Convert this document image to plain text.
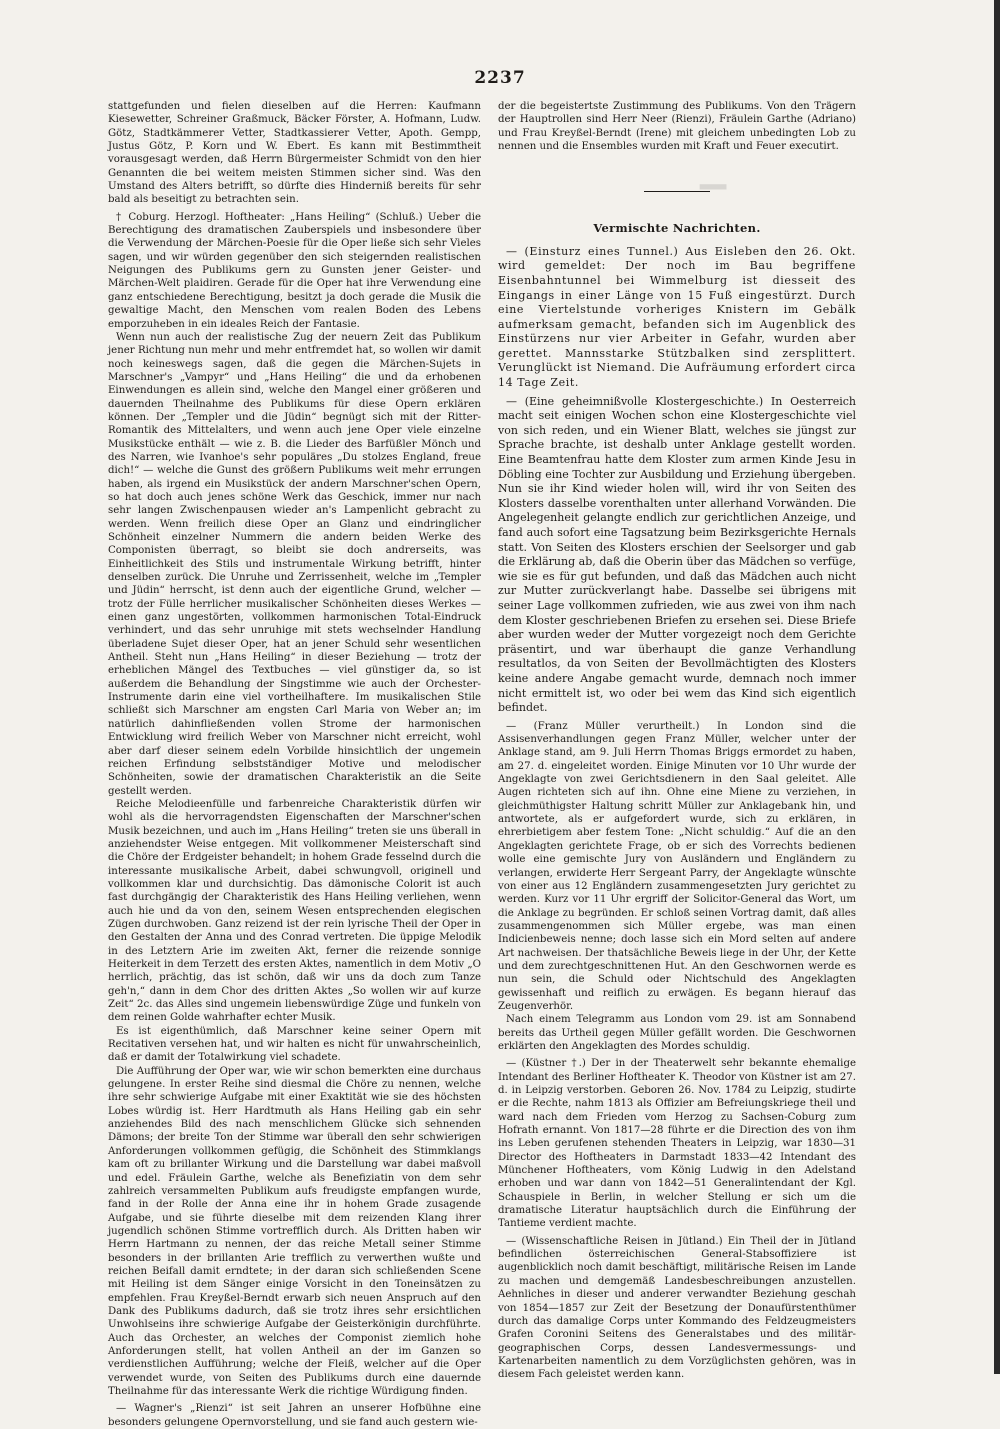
▁
2237

stattgefunden und fielen dieselben auf die Herren: Kaufmann Kiesewetter, Schreiner Graßmuck, Bäcker Förster, A. Hofmann, Ludw. Götz, Stadtkämmerer Vetter, Stadtkassierer Vetter, Apoth. Gempp, Justus Götz, P. Korn und W. Ebert. Es kann mit Bestimmtheit vorausgesagt werden, daß Herrn Bürgermeister Schmidt von den hier Genannten die bei weitem meisten Stimmen sicher sind. Was den Umstand des Alters betrifft, so dürfte dies Hinderniß bereits für sehr bald als beseitigt zu betrachten sein.

† Coburg. Herzogl. Hoftheater: „Hans Heiling“ (Schluß.) Ueber die Berechtigung des dramatischen Zauberspiels und insbesondere über die Verwendung der Märchen-Poesie für die Oper ließe sich sehr Vieles sagen, und wir würden gegenüber den sich steigernden realistischen Neigungen des Publikums gern zu Gunsten jener Geister- und Märchen-Welt plaidiren. Gerade für die Oper hat ihre Verwendung eine ganz entschiedene Berechtigung, besitzt ja doch gerade die Musik die gewaltige Macht, den Menschen vom realen Boden des Lebens emporzuheben in ein ideales Reich der Fantasie.

Wenn nun auch der realistische Zug der neuern Zeit das Publikum jener Richtung nun mehr und mehr entfremdet hat, so wollen wir damit noch keineswegs sagen, daß die gegen die Märchen-Sujets in Marschner's „Vampyr“ und „Hans Heiling“ die und da erhobenen Einwendungen es allein sind, welche den Mangel einer größeren und dauernden Theilnahme des Publikums für diese Opern erklären können. Der „Templer und die Jüdin“ begnügt sich mit der Ritter-Romantik des Mittelalters, und wenn auch jene Oper viele einzelne Musikstücke enthält — wie z. B. die Lieder des Barfüßler Mönch und des Narren, wie Ivanhoe's sehr populäres „Du stolzes England, freue dich!“ — welche die Gunst des größern Publikums weit mehr errungen haben, als irgend ein Musikstück der andern Marschner'schen Opern, so hat doch auch jenes schöne Werk das Geschick, immer nur nach sehr langen Zwischenpausen wieder an's Lampenlicht gebracht zu werden. Wenn freilich diese Oper an Glanz und eindringlicher Schönheit einzelner Nummern die andern beiden Werke des Componisten überragt, so bleibt sie doch andrerseits, was Einheitlichkeit des Stils und instrumentale Wirkung betrifft, hinter denselben zurück. Die Unruhe und Zerrissenheit, welche im „Templer und Jüdin“ herrscht, ist denn auch der eigentliche Grund, welcher — trotz der Fülle herrlicher musikalischer Schönheiten dieses Werkes — einen ganz ungestörten, vollkommen harmonischen Total-Eindruck verhindert, und das sehr unruhige mit stets wechselnder Handlung überladene Sujet dieser Oper, hat an jener Schuld sehr wesentlichen Antheil. Steht nun „Hans Heiling“ in dieser Beziehung — trotz der erheblichen Mängel des Textbuches — viel günstiger da, so ist außerdem die Behandlung der Singstimme wie auch der Orchester-Instrumente darin eine viel vortheilhaftere. Im musikalischen Stile schließt sich Marschner am engsten Carl Maria von Weber an; im natürlich dahinfließenden vollen Strome der harmonischen Entwicklung wird freilich Weber von Marschner nicht erreicht, wohl aber darf dieser seinem edeln Vorbilde hinsichtlich der ungemein reichen Erfindung selbstständiger Motive und melodischer Schönheiten, sowie der dramatischen Charakteristik an die Seite gestellt werden.

Reiche Melodieenfülle und farbenreiche Charakteristik dürfen wir wohl als die hervorragendsten Eigenschaften der Marschner'schen Musik bezeichnen, und auch im „Hans Heiling“ treten sie uns überall in anziehendster Weise entgegen. Mit vollkommener Meisterschaft sind die Chöre der Erdgeister behandelt; in hohem Grade fesselnd durch die interessante musikalische Arbeit, dabei schwungvoll, originell und vollkommen klar und durchsichtig. Das dämonische Colorit ist auch fast durchgängig der Charakteristik des Hans Heiling verliehen, wenn auch hie und da von den, seinem Wesen entsprechenden elegischen Zügen durchwoben. Ganz reizend ist der rein lyrische Theil der Oper in den Gestalten der Anna und des Conrad vertreten. Die üppige Melodik in des Letztern Arie im zweiten Akt, ferner die reizende sonnige Heiterkeit in dem Terzett des ersten Aktes, namentlich in dem Motiv „O herrlich, prächtig, das ist schön, daß wir uns da doch zum Tanze geh'n,“ dann in dem Chor des dritten Aktes „So wollen wir auf kurze Zeit“ 2c. das Alles sind ungemein liebenswürdige Züge und funkeln von dem reinen Golde wahrhafter echter Musik.

Es ist eigenthümlich, daß Marschner keine seiner Opern mit Recitativen versehen hat, und wir halten es nicht für unwahrscheinlich, daß er damit der Totalwirkung viel schadete.

Die Aufführung der Oper war, wie wir schon bemerkten eine durchaus gelungene. In erster Reihe sind diesmal die Chöre zu nennen, welche ihre sehr schwierige Aufgabe mit einer Exaktität wie sie des höchsten Lobes würdig ist. Herr Hardtmuth als Hans Heiling gab ein sehr anziehendes Bild des nach menschlichem Glücke sich sehnenden Dämons; der breite Ton der Stimme war überall den sehr schwierigen Anforderungen vollkommen gefügig, die Schönheit des Stimmklangs kam oft zu brillanter Wirkung und die Darstellung war dabei maßvoll und edel. Fräulein Garthe, welche als Benefiziatin von dem sehr zahlreich versammelten Publikum aufs freudigste empfangen wurde, fand in der Rolle der Anna eine ihr in hohem Grade zusagende Aufgabe, und sie führte dieselbe mit dem reizenden Klang ihrer jugendlich schönen Stimme vortrefflich durch. Als Dritten haben wir Herrn Hartmann zu nennen, der das reiche Metall seiner Stimme besonders in der brillanten Arie trefflich zu verwerthen wußte und reichen Beifall damit erndtete; in der daran sich schließenden Scene mit Heiling ist dem Sänger einige Vorsicht in den Toneinsätzen zu empfehlen. Frau Kreyßel-Berndt erwarb sich neuen Anspruch auf den Dank des Publikums dadurch, daß sie trotz ihres sehr ersichtlichen Unwohlseins ihre schwierige Aufgabe der Geisterkönigin durchführte. Auch das Orchester, an welches der Componist ziemlich hohe Anforderungen stellt, hat vollen Antheil an der im Ganzen so verdienstlichen Aufführung; welche der Fleiß, welcher auf die Oper verwendet wurde, von Seiten des Publikums durch eine dauernde Theilnahme für das interessante Werk die richtige Würdigung finden.

— Wagner's „Rienzi“ ist seit Jahren an unserer Hofbühne eine besonders gelungene Opernvorstellung, und sie fand auch gestern wie-

der die begeistertste Zustimmung des Publikums. Von den Trägern der Hauptrollen sind Herr Neer (Rienzi), Fräulein Garthe (Adriano) und Frau Kreyßel-Berndt (Irene) mit gleichem unbedingten Lob zu nennen und die Ensembles wurden mit Kraft und Feuer executirt.

Vermischte Nachrichten.

— (Einsturz eines Tunnel.) Aus Eisleben den 26. Okt. wird gemeldet: Der noch im Bau begriffene Eisenbahntunnel bei Wimmelburg ist diesseit des Eingangs in einer Länge von 15 Fuß eingestürzt. Durch eine Viertelstunde vorheriges Knistern im Gebälk aufmerksam gemacht, befanden sich im Augenblick des Einstürzens nur vier Arbeiter in Gefahr, wurden aber gerettet. Mannsstarke Stützbalken sind zersplittert. Verunglückt ist Niemand. Die Aufräumung erfordert circa 14 Tage Zeit.

— (Eine geheimnißvolle Klostergeschichte.) In Oesterreich macht seit einigen Wochen schon eine Klostergeschichte viel von sich reden, und ein Wiener Blatt, welches sie jüngst zur Sprache brachte, ist deshalb unter Anklage gestellt worden. Eine Beamtenfrau hatte dem Kloster zum armen Kinde Jesu in Döbling eine Tochter zur Ausbildung und Erziehung übergeben. Nun sie ihr Kind wieder holen will, wird ihr von Seiten des Klosters dasselbe vorenthalten unter allerhand Vorwänden. Die Angelegenheit gelangte endlich zur gerichtlichen Anzeige, und fand auch sofort eine Tagsatzung beim Bezirksgerichte Hernals statt. Von Seiten des Klosters erschien der Seelsorger und gab die Erklärung ab, daß die Oberin über das Mädchen so verfüge, wie sie es für gut befunden, und daß das Mädchen auch nicht zur Mutter zurückverlangt habe. Dasselbe sei übrigens mit seiner Lage vollkommen zufrieden, wie aus zwei von ihm nach dem Kloster geschriebenen Briefen zu ersehen sei. Diese Briefe aber wurden weder der Mutter vorgezeigt noch dem Gerichte präsentirt, und war überhaupt die ganze Verhandlung resultatlos, da von Seiten der Bevollmächtigten des Klosters keine andere Angabe gemacht wurde, demnach noch immer nicht ermittelt ist, wo oder bei wem das Kind sich eigentlich befindet.

— (Franz Müller verurtheilt.) In London sind die Assisenverhandlungen gegen Franz Müller, welcher unter der Anklage stand, am 9. Juli Herrn Thomas Briggs ermordet zu haben, am 27. d. eingeleitet worden. Einige Minuten vor 10 Uhr wurde der Angeklagte von zwei Gerichtsdienern in den Saal geleitet. Alle Augen richteten sich auf ihn. Ohne eine Miene zu verziehen, in gleichmüthigster Haltung schritt Müller zur Anklagebank hin, und antwortete, als er aufgefordert wurde, sich zu erklären, in ehrerbietigem aber festem Tone: „Nicht schuldig.“ Auf die an den Angeklagten gerichtete Frage, ob er sich des Vorrechts bedienen wolle eine gemischte Jury von Ausländern und Engländern zu verlangen, erwiderte Herr Sergeant Parry, der Angeklagte wünschte von einer aus 12 Engländern zusammengesetzten Jury gerichtet zu werden. Kurz vor 11 Uhr ergriff der Solicitor-General das Wort, um die Anklage zu begründen. Er schloß seinen Vortrag damit, daß alles zusammengenommen sich Müller ergebe, was man einen Indicienbeweis nenne; doch lasse sich ein Mord selten auf andere Art nachweisen. Der thatsächliche Beweis liege in der Uhr, der Kette und dem zurechtgeschnittenen Hut. An den Geschwornen werde es nun sein, die Schuld oder Nichtschuld des Angeklagten gewissenhaft und reiflich zu erwägen. Es begann hierauf das Zeugenverhör.

Nach einem Telegramm aus London vom 29. ist am Sonnabend bereits das Urtheil gegen Müller gefällt worden. Die Geschwornen erklärten den Angeklagten des Mordes schuldig.

— (Küstner †.) Der in der Theaterwelt sehr bekannte ehemalige Intendant des Berliner Hoftheater K. Theodor von Küstner ist am 27. d. in Leipzig verstorben. Geboren 26. Nov. 1784 zu Leipzig, studirte er die Rechte, nahm 1813 als Offizier am Befreiungskriege theil und ward nach dem Frieden vom Herzog zu Sachsen-Coburg zum Hofrath ernannt. Von 1817—28 führte er die Direction des von ihm ins Leben gerufenen stehenden Theaters in Leipzig, war 1830—31 Director des Hoftheaters in Darmstadt 1833—42 Intendant des Münchener Hoftheaters, vom König Ludwig in den Adelstand erhoben und war dann von 1842—51 Generalintendant der Kgl. Schauspiele in Berlin, in welcher Stellung er sich um die dramatische Literatur hauptsächlich durch die Einführung der Tantieme verdient machte.

— (Wissenschaftliche Reisen in Jütland.) Ein Theil der in Jütland befindlichen österreichischen General-Stabsoffiziere ist augenblicklich noch damit beschäftigt, militärische Reisen im Lande zu machen und demgemäß Landesbeschreibungen anzustellen. Aehnliches in dieser und anderer verwandter Beziehung geschah von 1854—1857 zur Zeit der Besetzung der Donaufürstenthümer durch das damalige Corps unter Kommando des Feldzeugmeisters Grafen Coronini Seitens des Generalstabes und des militär-geographischen Corps, dessen Landesvermessungs- und Kartenarbeiten namentlich zu dem Vorzüglichsten gehören, was in diesem Fach geleistet werden kann.
